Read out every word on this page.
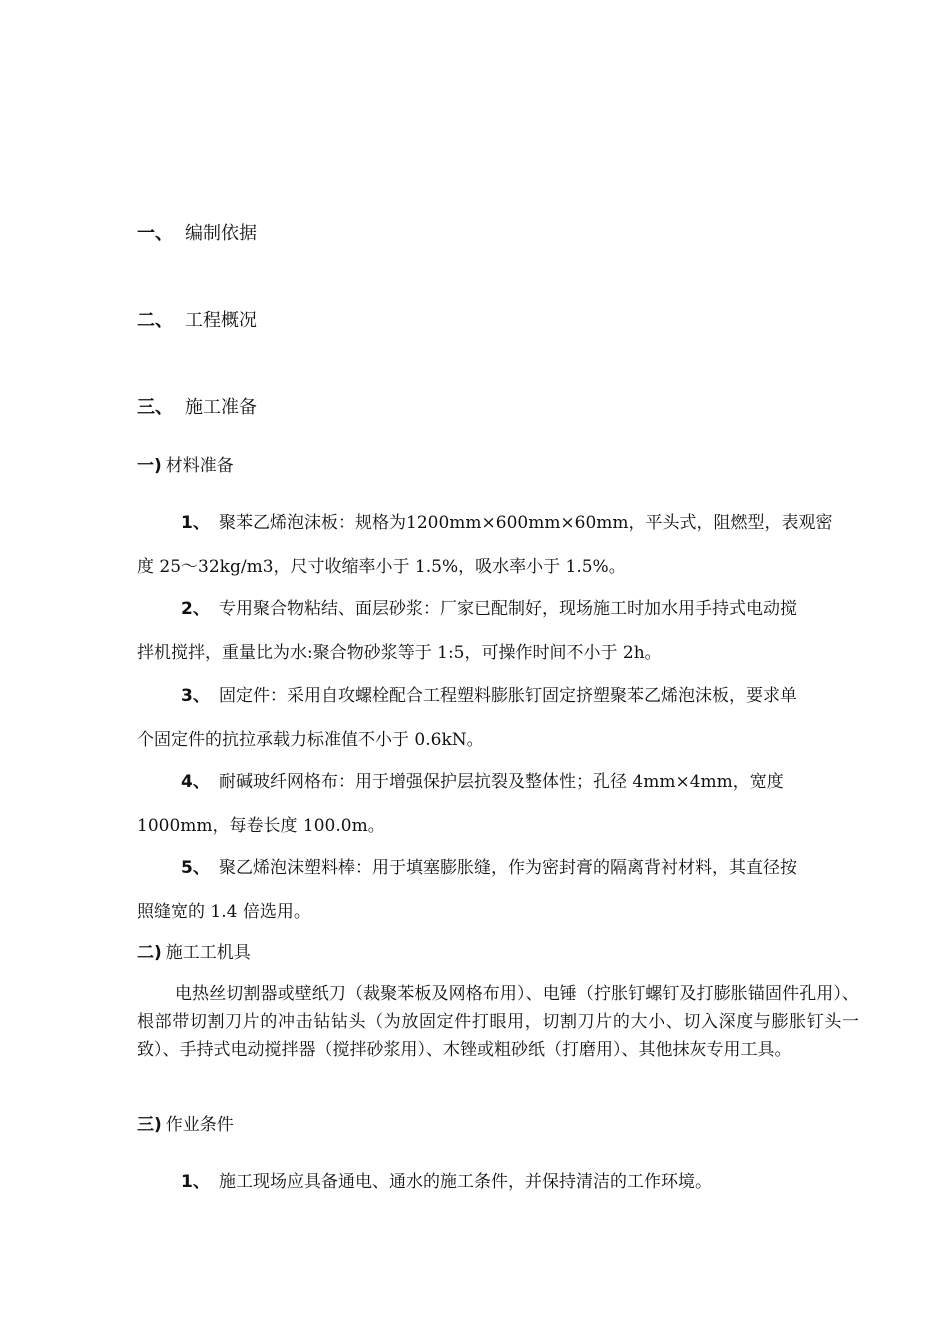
一、 编制依据
二、 工程概况
三、 施工准备
一) 材料准备
1、 聚苯乙烯泡沫板：规格为1200mm×600mm×60mm，平头式，阻燃型，表观密
度 25～32kg/m3，尺寸收缩率小于 1.5%，吸水率小于 1.5%。
2、 专用聚合物粘结、面层砂浆：厂家已配制好，现场施工时加水用手持式电动搅
拌机搅拌，重量比为水:聚合物砂浆等于 1:5，可操作时间不小于 2h。
3、 固定件：采用自攻螺栓配合工程塑料膨胀钉固定挤塑聚苯乙烯泡沫板，要求单
个固定件的抗拉承载力标准值不小于 0.6kN。
4、 耐碱玻纤网格布：用于增强保护层抗裂及整体性；孔径 4mm×4mm，宽度
1000mm，每卷长度 100.0m。
5、 聚乙烯泡沫塑料棒：用于填塞膨胀缝，作为密封膏的隔离背衬材料，其直径按
照缝宽的 1.4 倍选用。
二) 施工工机具
电热丝切割器或壁纸刀（裁聚苯板及网格布用）、电锤（拧胀钉螺钉及打膨胀锚固件孔用）、根部带切割刀片的冲击钻钻头（为放固定件打眼用，切割刀片的大小、切入深度与膨胀钉头一致）、手持式电动搅拌器（搅拌砂浆用）、木锉或粗砂纸（打磨用）、其他抹灰专用工具。
三) 作业条件
1、 施工现场应具备通电、通水的施工条件，并保持清洁的工作环境。
